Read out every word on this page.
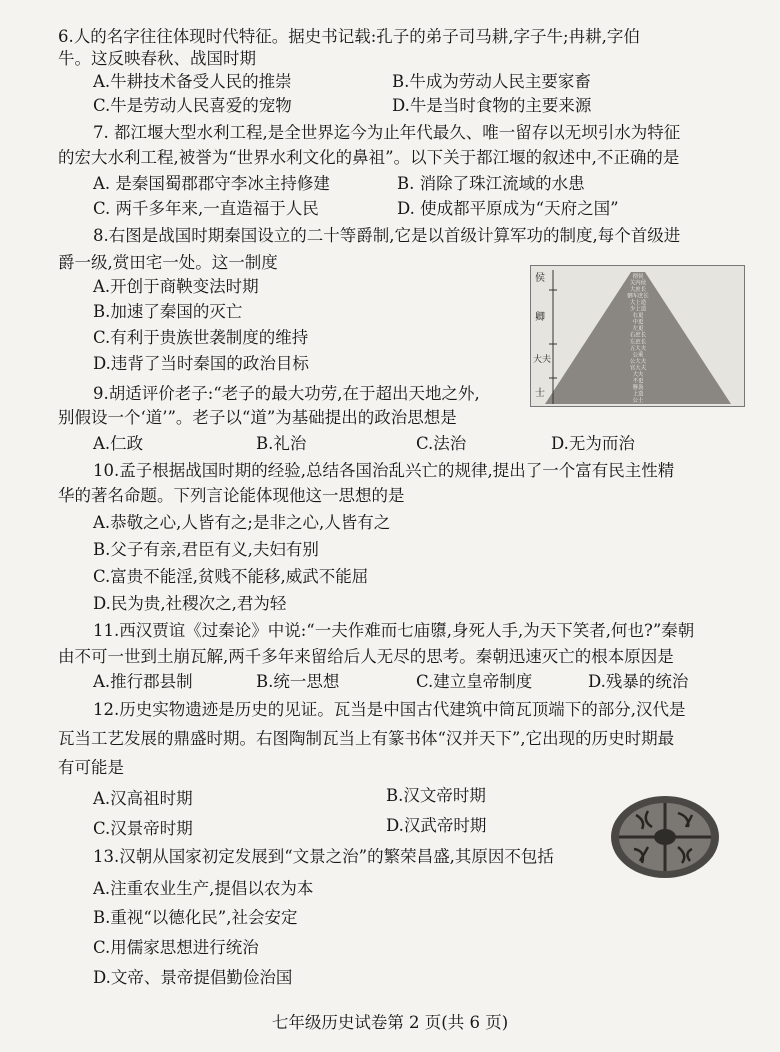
6.人的名字往往体现时代特征。据史书记载:孔子的弟子司马耕,字子牛;冉耕,字伯
牛。这反映春秋、战国时期
A.牛耕技术备受人民的推崇	B.牛成为劳动人民主要家畜
C.牛是劳动人民喜爱的宠物	D.牛是当时食物的主要来源
7. 都江堰大型水利工程,是全世界迄今为止年代最久、唯一留存以无坝引水为特征
的宏大水利工程,被誉为“世界水利文化的鼻祖”。以下关于都江堰的叙述中,不正确的是
A. 是秦国蜀郡郡守李冰主持修建	B. 消除了珠江流域的水患
C. 两千多年来,一直造福于人民	D. 使成都平原成为“天府之国”
8.右图是战国时期秦国设立的二十等爵制,它是以首级计算军功的制度,每个首级进
爵一级,赏田宅一处。这一制度
A.开创于商鞅变法时期
B.加速了秦国的灭亡
C.有利于贵族世袭制度的维持
D.违背了当时秦国的政治目标
侯
卿
大夫
士
彻侯
关内侯
大庶长
驷车庶长
大上造
少上造
右更
中更
左更
右庶长
左庶长
五大夫
公乘
公大夫
官大夫
大夫
不更
簪袅
上造
公士
9.胡适评价老子:“老子的最大功劳,在于超出天地之外,
别假设一个‘道’”。老子以“道”为基础提出的政治思想是
A.仁政	B.礼治	C.法治	D.无为而治
10.孟子根据战国时期的经验,总结各国治乱兴亡的规律,提出了一个富有民主性精
华的著名命题。下列言论能体现他这一思想的是
A.恭敬之心,人皆有之;是非之心,人皆有之
B.父子有亲,君臣有义,夫妇有别
C.富贵不能淫,贫贱不能移,威武不能屈
D.民为贵,社稷次之,君为轻
11.西汉贾谊《过秦论》中说:“一夫作难而七庙隳,身死人手,为天下笑者,何也?”秦朝
由不可一世到土崩瓦解,两千多年来留给后人无尽的思考。秦朝迅速灭亡的根本原因是
A.推行郡县制	B.统一思想	C.建立皇帝制度	D.残暴的统治
12.历史实物遗迹是历史的见证。瓦当是中国古代建筑中筒瓦顶端下的部分,汉代是
瓦当工艺发展的鼎盛时期。右图陶制瓦当上有篆书体“汉并天下”,它出现的历史时期最
有可能是
A.汉高祖时期	B.汉文帝时期
C.汉景帝时期	D.汉武帝时期
13.汉朝从国家初定发展到“文景之治”的繁荣昌盛,其原因不包括
A.注重农业生产,提倡以农为本
B.重视“以德化民”,社会安定
C.用儒家思想进行统治
D.文帝、景帝提倡勤俭治国
七年级历史试卷第 2 页(共 6 页)
